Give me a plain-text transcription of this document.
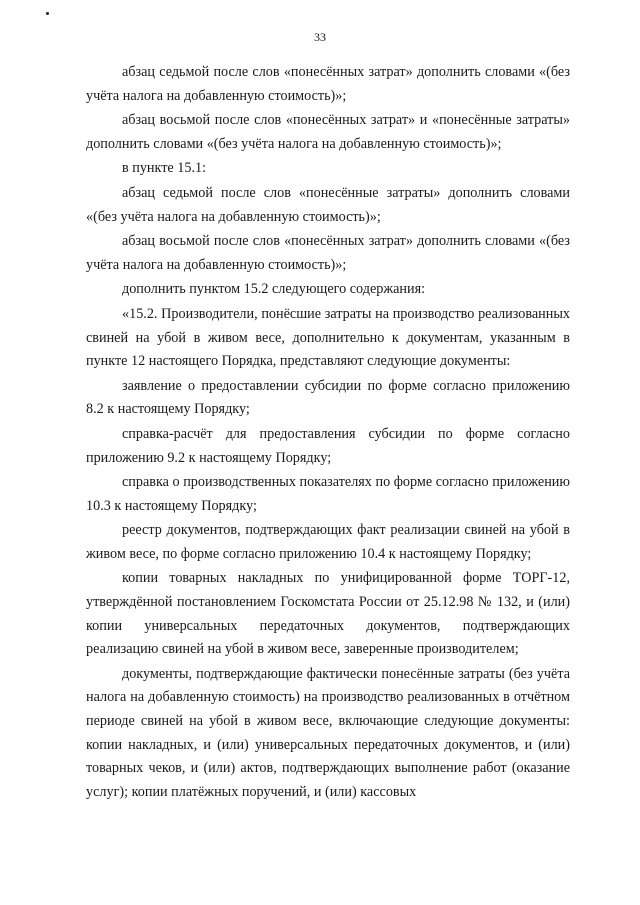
33

абзац седьмой после слов «понесённых затрат» дополнить словами «(без учёта налога на добавленную стоимость)»;

абзац восьмой после слов «понесённых затрат» и «понесённые затраты» дополнить словами «(без учёта налога на добавленную стоимость)»;

в пункте 15.1:

абзац седьмой после слов «понесённые затраты» дополнить словами «(без учёта налога на добавленную стоимость)»;

абзац восьмой после слов «понесённых затрат» дополнить словами «(без учёта налога на добавленную стоимость)»;

дополнить пунктом 15.2 следующего содержания:

«15.2. Производители, понёсшие затраты на производство реализованных свиней на убой в живом весе, дополнительно к документам, указанным в пункте 12 настоящего Порядка, представляют следующие документы:

заявление о предоставлении субсидии по форме согласно приложению 8.2 к настоящему Порядку;

справка-расчёт для предоставления субсидии по форме согласно приложению 9.2 к настоящему Порядку;

справка о производственных показателях по форме согласно приложению 10.3 к настоящему Порядку;

реестр документов, подтверждающих факт реализации свиней на убой в живом весе, по форме согласно приложению 10.4 к настоящему Порядку;

копии товарных накладных по унифицированной форме ТОРГ-12, утверждённой постановлением Госкомстата России от 25.12.98 № 132, и (или) копии универсальных передаточных документов, подтверждающих реализацию свиней на убой в живом весе, заверенные производителем;

документы, подтверждающие фактически понесённые затраты (без учёта налога на добавленную стоимость) на производство реализованных в отчётном периоде свиней на убой в живом весе, включающие следующие документы: копии накладных, и (или) универсальных передаточных документов, и (или) товарных чеков, и (или) актов, подтверждающих выполнение работ (оказание услуг); копии платёжных поручений, и (или) кассовых
